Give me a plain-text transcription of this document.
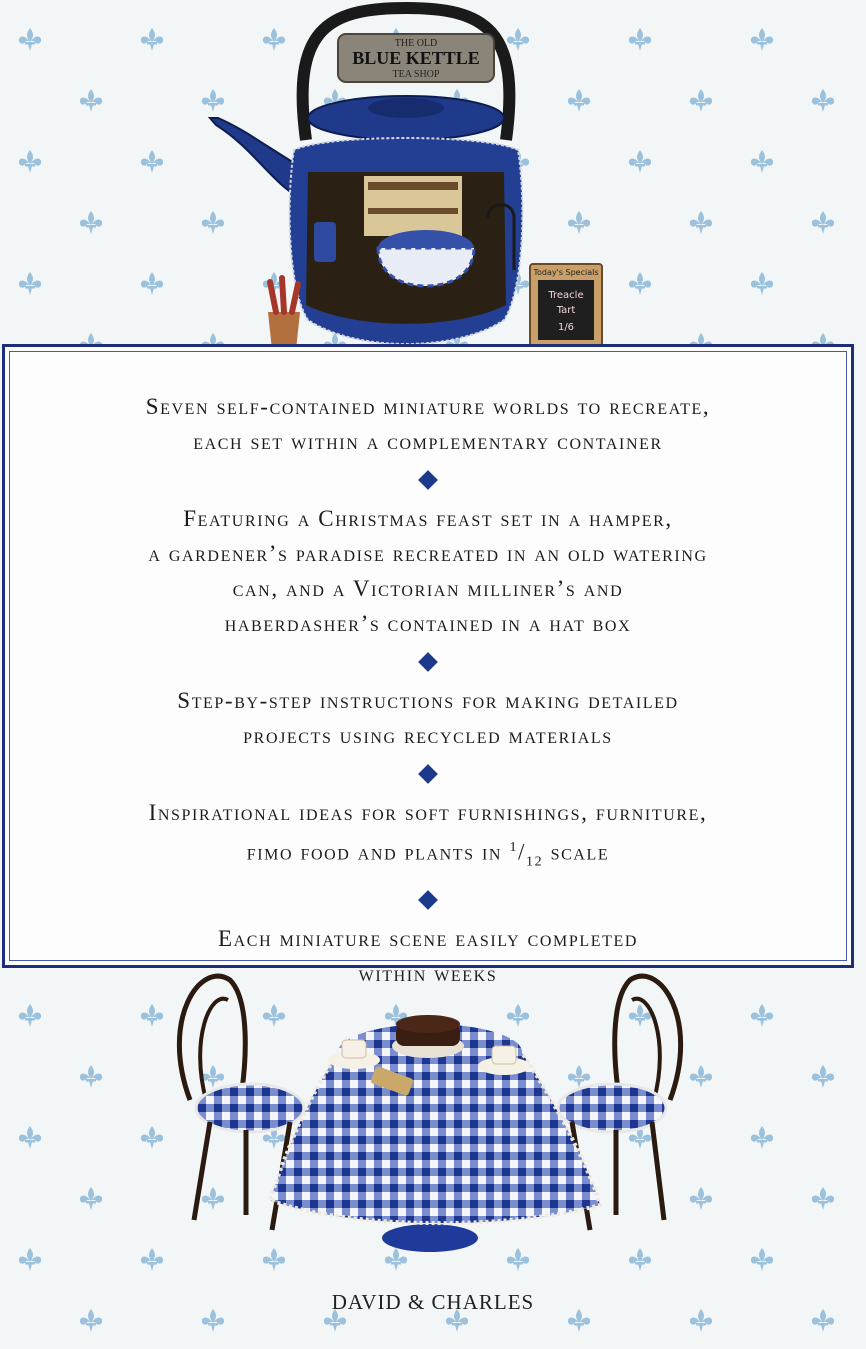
THE OLD
BLUE KETTLE
TEA SHOP
Today's Specials
Treacle
Tart
1/6

Seven self-contained miniature worlds to recreate,
each set within a complementary container

Featuring a Christmas feast set in a hamper,
a gardener’s paradise recreated in an old watering
can, and a Victorian milliner’s and
haberdasher’s contained in a hat box

Step-by-step instructions for making detailed
projects using recycled materials

Inspirational ideas for soft furnishings, furniture,
fimo food and plants in $^1/_{12}$ scale

Each miniature scene easily completed
within weeks

DAVID & CHARLES
